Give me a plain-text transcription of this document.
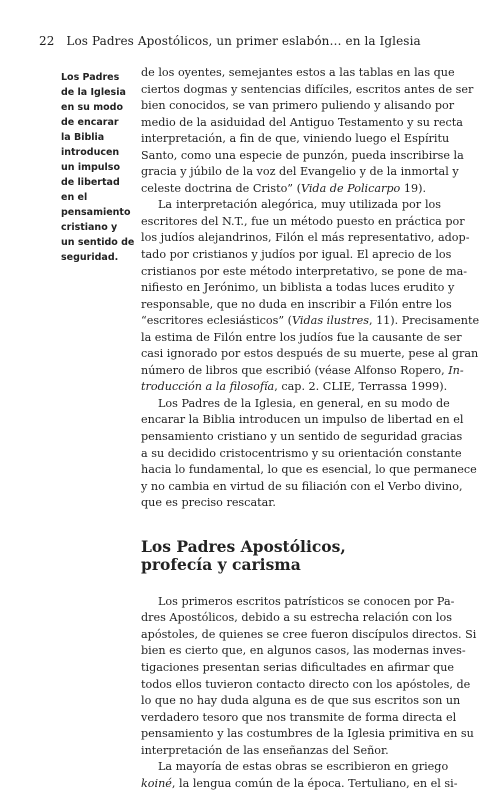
22 Los Padres Apostólicos, un primer eslabón… en la Iglesia
Los Padres
de la Iglesia
en su modo
de encarar
la Biblia
introducen
un impulso
de libertad
en el
pensamiento
cristiano y
un sentido de
seguridad.
de los oyentes, semejantes estos a las tablas en las que
ciertos dogmas y sentencias difíciles, escritos antes de ser
bien conocidos, se van primero puliendo y alisando por
medio de la asiduidad del Antiguo Testamento y su recta
interpretación, a fin de que, viniendo luego el Espíritu
Santo, como una especie de punzón, pueda inscribirse la
gracia y júbilo de la voz del Evangelio y de la inmortal y
celeste doctrina de Cristo” (Vida de Policarpo 19).
La interpretación alegórica, muy utilizada por los
escritores del N.T., fue un método puesto en práctica por
los judíos alejandrinos, Filón el más representativo, adop-
tado por cristianos y judíos por igual. El aprecio de los
cristianos por este método interpretativo, se pone de ma-
nifiesto en Jerónimo, un biblista a todas luces erudito y
responsable, que no duda en inscribir a Filón entre los
“escritores eclesiásticos” (Vidas ilustres, 11). Precisamente
la estima de Filón entre los judíos fue la causante de ser
casi ignorado por estos después de su muerte, pese al gran
número de libros que escribió (véase Alfonso Ropero, In-
troducción a la filosofía, cap. 2. CLIE, Terrassa 1999).
Los Padres de la Iglesia, en general, en su modo de
encarar la Biblia introducen un impulso de libertad en el
pensamiento cristiano y un sentido de seguridad gracias
a su decidido cristocentrismo y su orientación constante
hacia lo fundamental, lo que es esencial, lo que permanece
y no cambia en virtud de su filiación con el Verbo divino,
que es preciso rescatar.
Los Padres Apostólicos,
profecía y carisma
Los primeros escritos patrísticos se conocen por Pa-
dres Apostólicos, debido a su estrecha relación con los
apóstoles, de quienes se cree fueron discípulos directos. Si
bien es cierto que, en algunos casos, las modernas inves-
tigaciones presentan serias dificultades en afirmar que
todos ellos tuvieron contacto directo con los apóstoles, de
lo que no hay duda alguna es de que sus escritos son un
verdadero tesoro que nos transmite de forma directa el
pensamiento y las costumbres de la Iglesia primitiva en su
interpretación de las enseñanzas del Señor.
La mayoría de estas obras se escribieron en griego
koiné, la lengua común de la época. Tertuliano, en el si-
